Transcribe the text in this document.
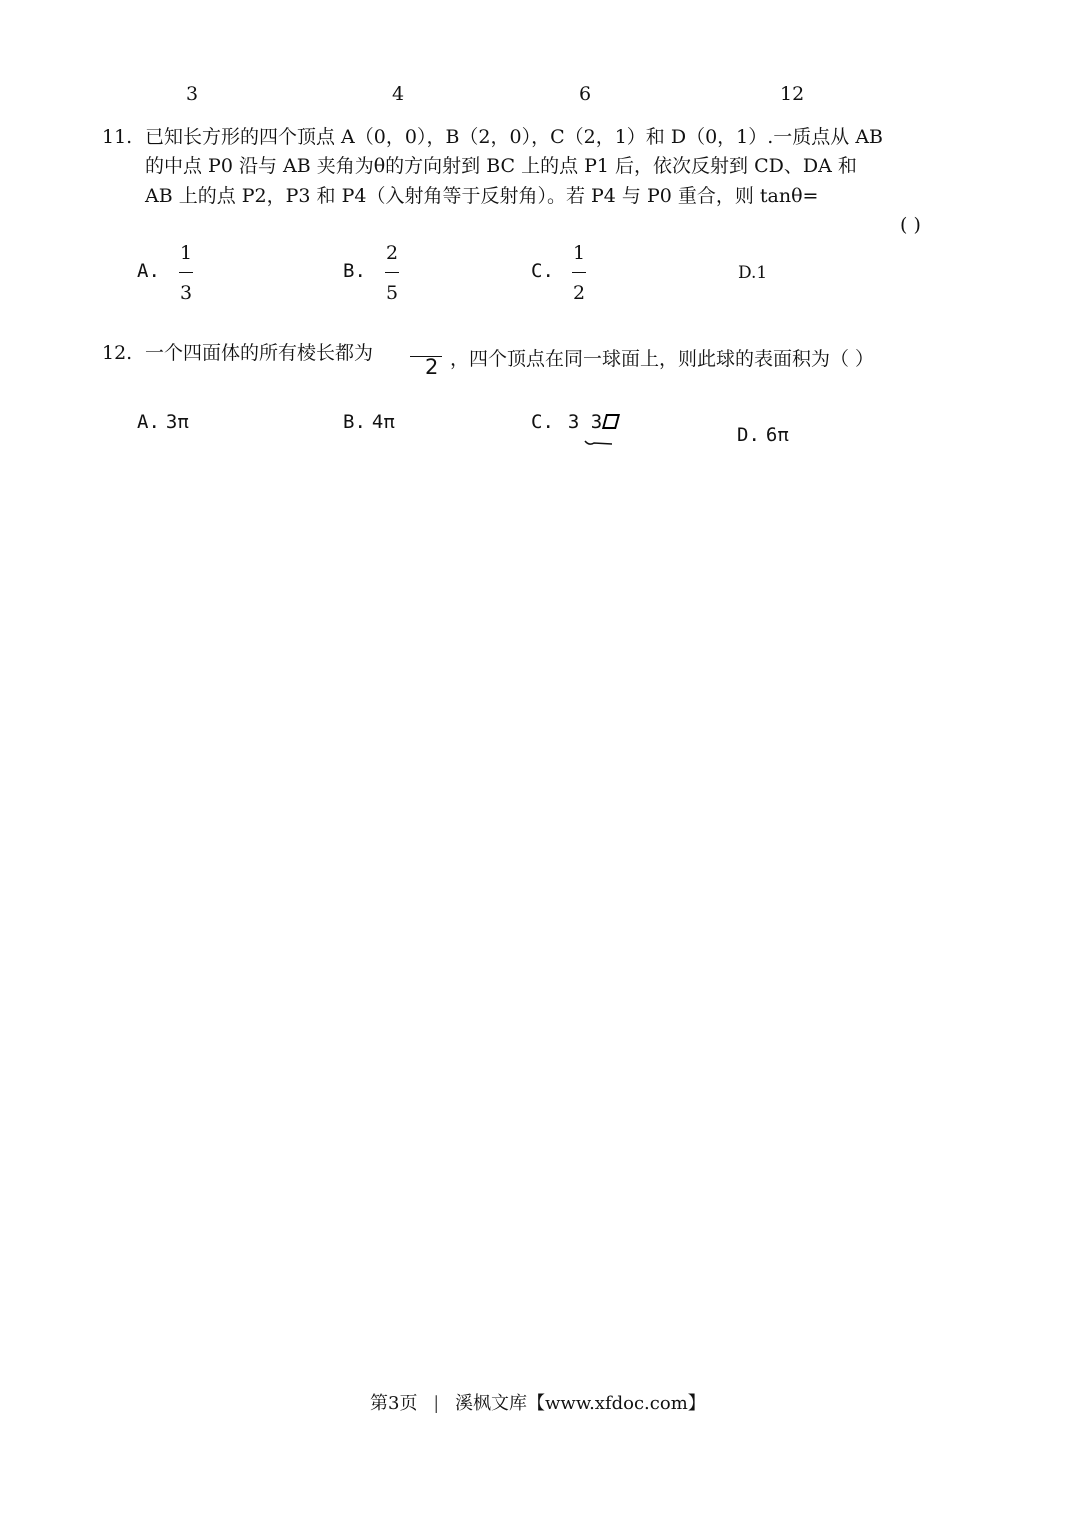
3	4	6	12
11. 已知长方形的四个顶点 A（0，0），B（2，0），C（2，1）和 D（0，1）.一质点从 AB
的中点 P0 沿与 AB 夹角为θ的方向射到 BC 上的点 P1 后，依次反射到 CD、DA 和
AB 上的点 P2，P3 和 P4（入射角等于反射角）。若 P4 与 P0 重合，则 tanθ=
( )
A.
1
3
B.
2
5
C.
1
2
D.1
12. 一个四面体的所有棱长都为
2 ，四个顶点在同一球面上，则此球的表面积为（ ）
A. 3π	B. 4π	C. 3 3
D. 6π
第3页 | 溪枫文库【www.xfdoc.com】
